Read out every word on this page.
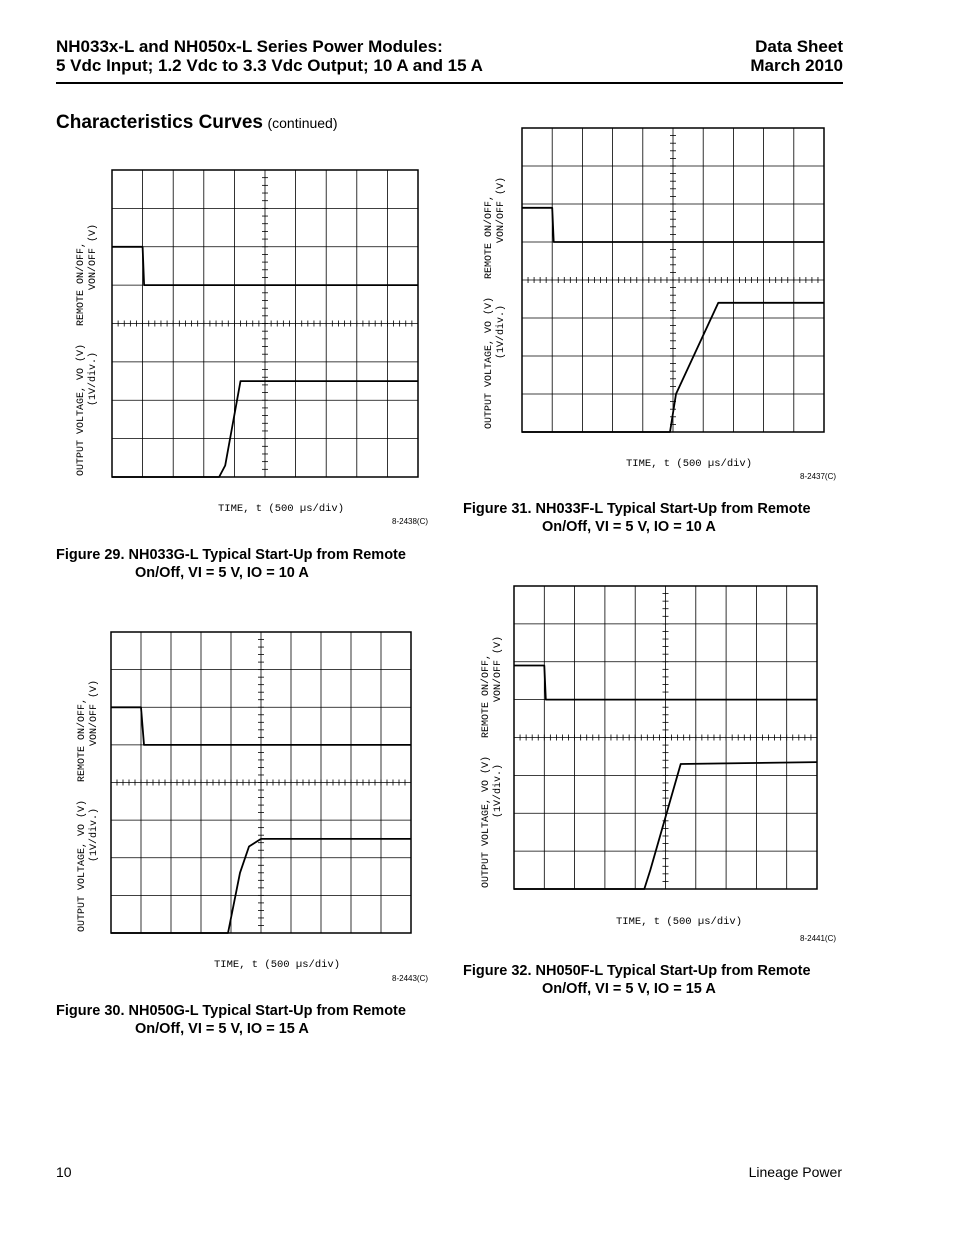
NH033x-L and NH050x-L Series Power Modules:
5 Vdc Input; 1.2 Vdc to 3.3 Vdc Output; 10 A and 15 A
Data Sheet
March 2010
Characteristics Curves (continued)
OUTPUT VOLTAGE, VO (V)   REMOTE ON/OFF,
(1V/div.)VON/OFF (V)
TIME, t (500 µs/div)
8-2438(C)
Figure 29. NH033G-L Typical Start-Up from Remote
On/Off, VI = 5 V, IO = 10 A
OUTPUT VOLTAGE, VO (V)   REMOTE ON/OFF,
(1V/div.)VON/OFF (V)
TIME, t (500 µs/div)
8-2443(C)
Figure 30. NH050G-L Typical Start-Up from Remote
On/Off, VI = 5 V, IO = 15 A
OUTPUT VOLTAGE, VO (V)   REMOTE ON/OFF,
(1V/div.)VON/OFF (V)
TIME, t (500 µs/div)
8-2437(C)
Figure 31. NH033F-L Typical Start-Up from Remote
On/Off, VI = 5 V, IO = 10 A
OUTPUT VOLTAGE, VO (V)   REMOTE ON/OFF,
(1V/div.)VON/OFF (V)
TIME, t (500 µs/div)
8-2441(C)
Figure 32. NH050F-L Typical Start-Up from Remote
On/Off, VI = 5 V, IO = 15 A
10	Lineage Power
